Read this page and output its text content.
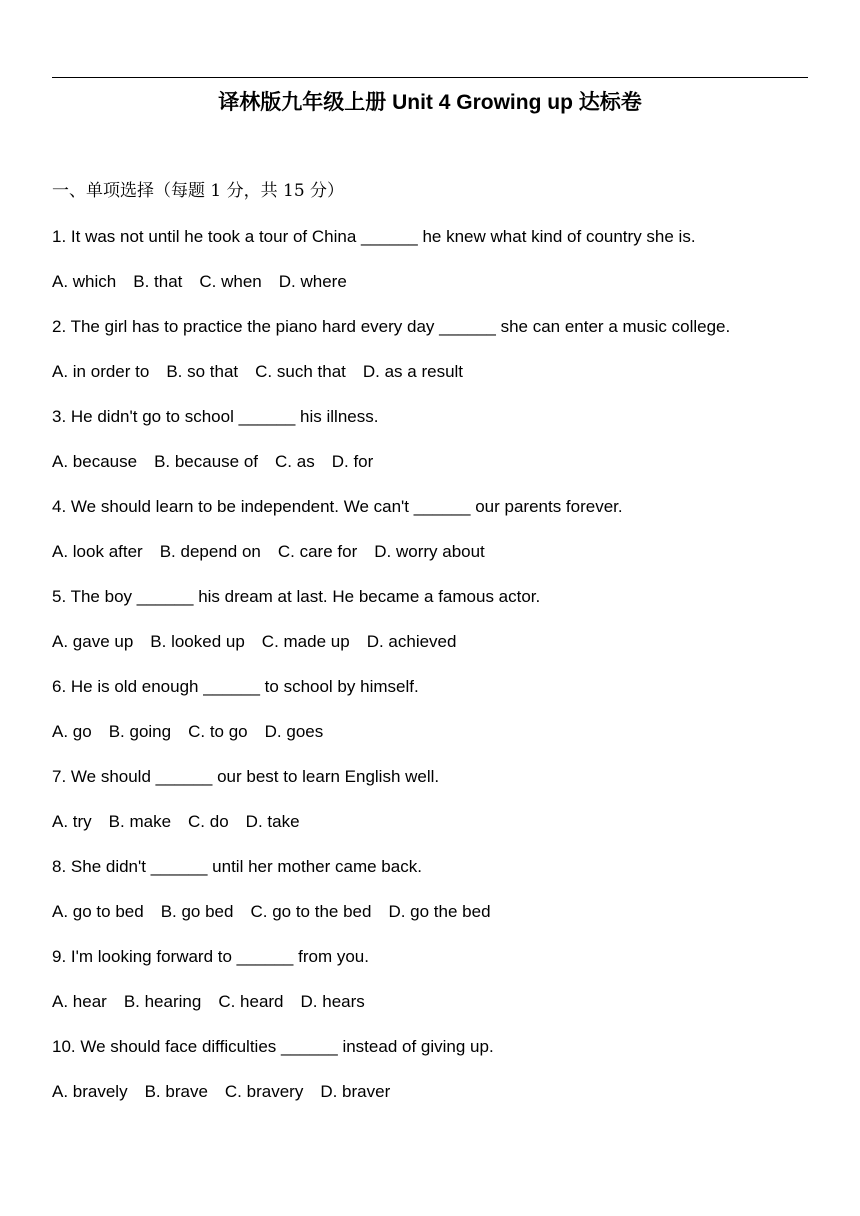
译林版九年级上册 Unit 4 Growing up 达标卷
一、单项选择（每题 1 分，共 15 分）
1. It was not until he took a tour of China ______ he knew what kind of country she is.
A. which B. that C. when D. where
2. The girl has to practice the piano hard every day ______ she can enter a music college.
A. in order to B. so that C. such that D. as a result
3. He didn't go to school ______ his illness.
A. because B. because of C. as D. for
4. We should learn to be independent. We can't ______ our parents forever.
A. look after B. depend on C. care for D. worry about
5. The boy ______ his dream at last. He became a famous actor.
A. gave up B. looked up C. made up D. achieved
6. He is old enough ______ to school by himself.
A. go B. going C. to go D. goes
7. We should ______ our best to learn English well.
A. try B. make C. do D. take
8. She didn't ______ until her mother came back.
A. go to bed B. go bed C. go to the bed D. go the bed
9. I'm looking forward to ______ from you.
A. hear B. hearing C. heard D. hears
10. We should face difficulties ______ instead of giving up.
A. bravely B. brave C. bravery D. braver
